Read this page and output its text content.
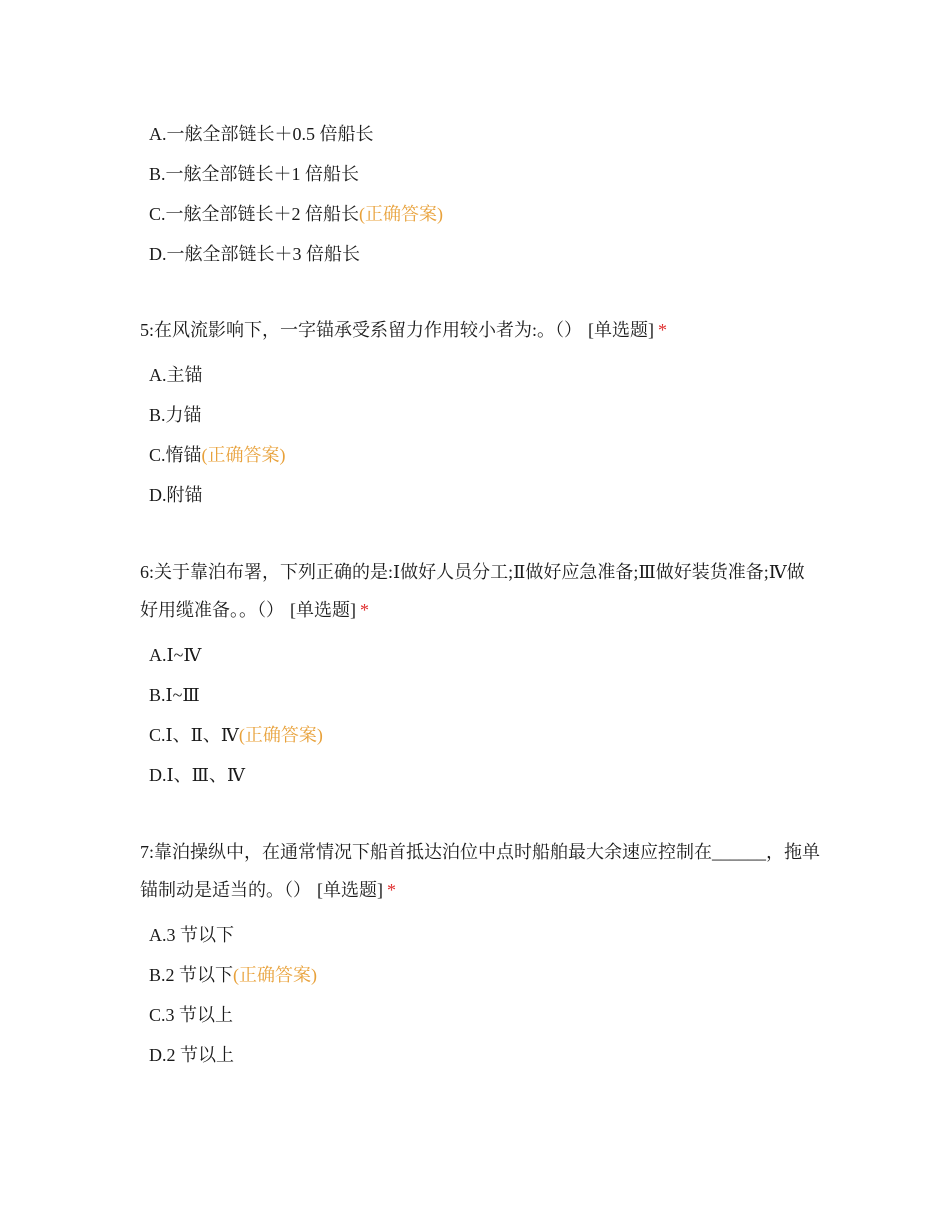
A.一舷全部链长＋0.5 倍船长
B.一舷全部链长＋1 倍船长
C.一舷全部链长＋2 倍船长(正确答案)
D.一舷全部链长＋3 倍船长
5:在风流影响下，一字锚承受系留力作用较小者为:。（） [单选题] *
A.主锚
B.力锚
C.惰锚(正确答案)
D.附锚
6:关于靠泊布署，下列正确的是:Ⅰ做好人员分工;Ⅱ做好应急准备;Ⅲ做好装货准备;Ⅳ做好用缆准备。。（） [单选题] *
A.Ⅰ~Ⅳ
B.Ⅰ~Ⅲ
C.Ⅰ、Ⅱ、Ⅳ(正确答案)
D.Ⅰ、Ⅲ、Ⅳ
7:靠泊操纵中，在通常情况下船首抵达泊位中点时船舶最大余速应控制在______，拖单锚制动是适当的。（） [单选题] *
A.3 节以下
B.2 节以下(正确答案)
C.3 节以上
D.2 节以上
